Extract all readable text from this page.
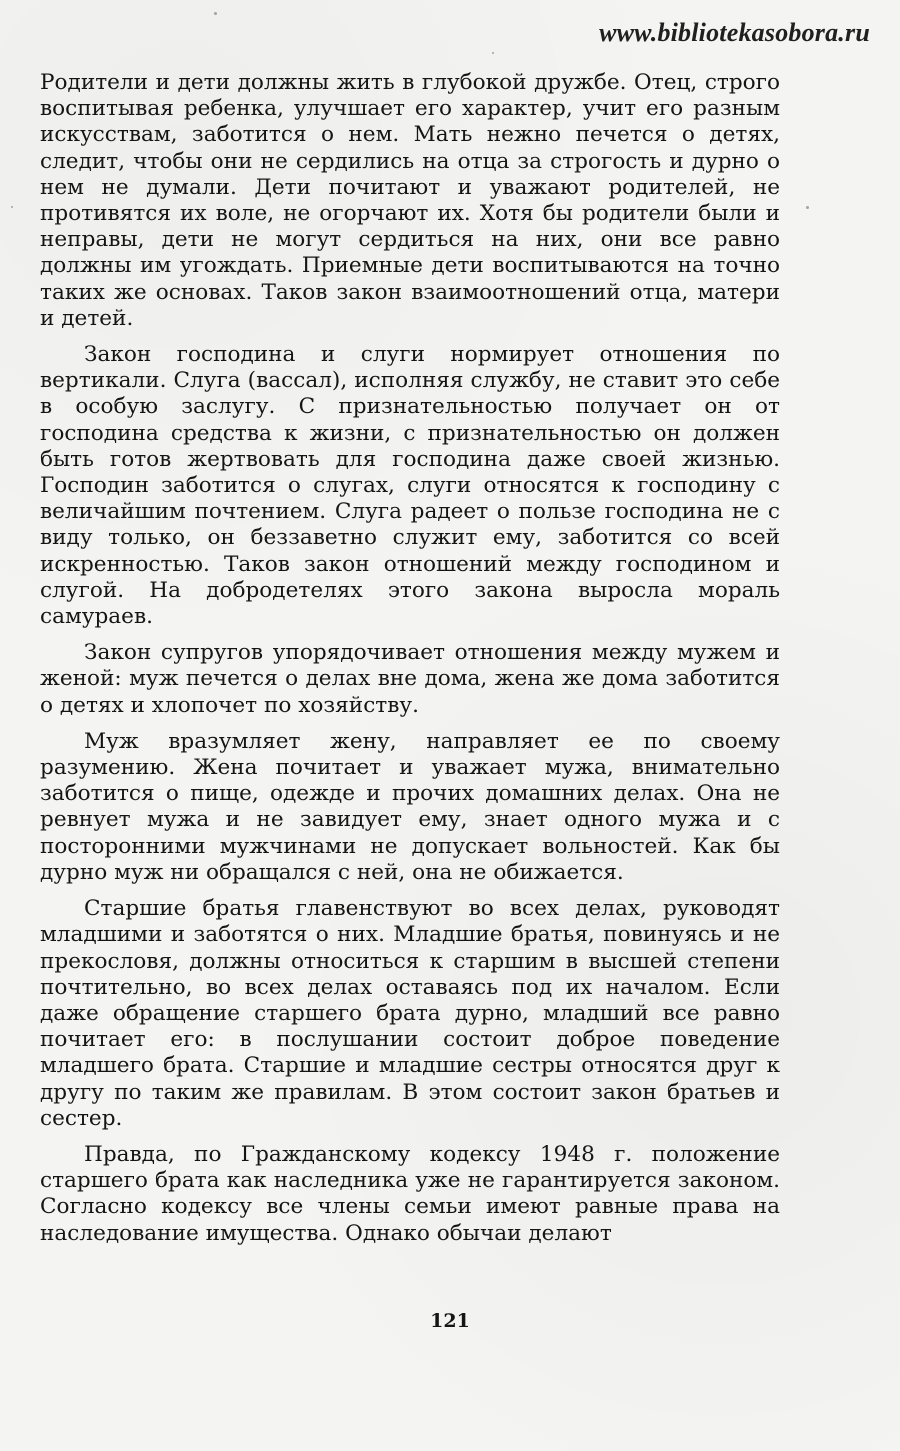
www.bibliotekasobora.ru

Родители и дети должны жить в глубокой дружбе. Отец, строго воспитывая ребенка, улучшает его характер, учит его разным искусствам, заботится о нем. Мать нежно печется о детях, следит, чтобы они не сердились на отца за строгость и дурно о нем не думали. Дети почитают и уважают родителей, не противятся их воле, не огорчают их. Хотя бы родители были и неправы, дети не могут сердиться на них, они все равно должны им угождать. Приемные дети воспитываются на точно таких же основах. Таков закон взаимоотношений отца, матери и детей.

Закон господина и слуги нормирует отношения по вертикали. Слуга (вассал), исполняя службу, не ставит это себе в особую заслугу. С признательностью получает он от господина средства к жизни, с признательностью он должен быть готов жертвовать для господина даже своей жизнью. Господин заботится о слугах, слуги относятся к господину с величайшим почтением. Слуга радеет о пользе господина не с виду только, он беззаветно служит ему, заботится со всей искренностью. Таков закон отношений между господином и слугой. На добродетелях этого закона выросла мораль самураев.

Закон супругов упорядочивает отношения между мужем и женой: муж печется о делах вне дома, жена же дома заботится о детях и хлопочет по хозяйству.

Муж вразумляет жену, направляет ее по своему разумению. Жена почитает и уважает мужа, внимательно заботится о пище, одежде и прочих домашних делах. Она не ревнует мужа и не завидует ему, знает одного мужа и с посторонними мужчинами не допускает вольностей. Как бы дурно муж ни обращался с ней, она не обижается.

Старшие братья главенствуют во всех делах, руководят младшими и заботятся о них. Младшие братья, повинуясь и не прекословя, должны относиться к старшим в высшей степени почтительно, во всех делах оставаясь под их началом. Если даже обращение старшего брата дурно, младший все равно почитает его: в послушании состоит доброе поведение младшего брата. Старшие и младшие сестры относятся друг к другу по таким же правилам. В этом состоит закон братьев и сестер.

Правда, по Гражданскому кодексу 1948 г. положение старшего брата как наследника уже не гарантируется законом. Согласно кодексу все члены семьи имеют равные права на наследование имущества. Однако обычаи делают

121
